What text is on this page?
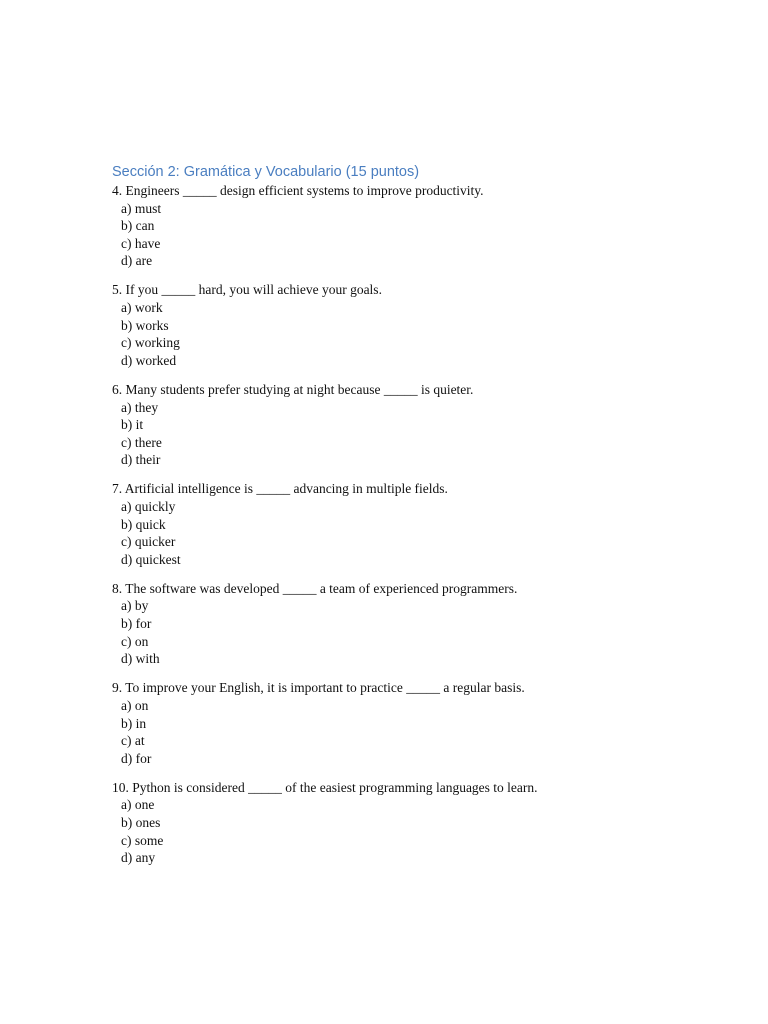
Sección 2: Gramática y Vocabulario (15 puntos)
4. Engineers _____ design efficient systems to improve productivity.
a) must
b) can
c) have
d) are
5. If you _____ hard, you will achieve your goals.
a) work
b) works
c) working
d) worked
6. Many students prefer studying at night because _____ is quieter.
a) they
b) it
c) there
d) their
7. Artificial intelligence is _____ advancing in multiple fields.
a) quickly
b) quick
c) quicker
d) quickest
8. The software was developed _____ a team of experienced programmers.
a) by
b) for
c) on
d) with
9. To improve your English, it is important to practice _____ a regular basis.
a) on
b) in
c) at
d) for
10. Python is considered _____ of the easiest programming languages to learn.
a) one
b) ones
c) some
d) any
